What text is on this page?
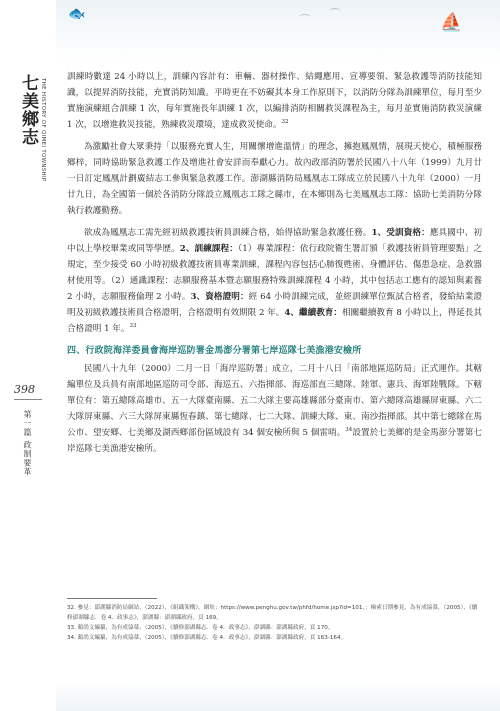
🐟	⁀ ⁀	⛵
七美鄉志 THE HISTORY OF QIMEI TOWNSHIP
398
第一篇 政制要革

訓練時數達 24 小時以上，訓練內容計有：車輛、器材操作、結繩應用、宣導要領、緊急救護等消防技能知識，以提昇消防技能，充實消防知識。平時更在不妨礙其本身工作原則下，以消防分隊為訓練單位，每月至少實施演練組合訓練 1 次，每年實施長年訓練 1 次，以編排消防相關救災課程為主，每月並實施消防救災演練 1 次，以增進救災技能，熟練救災環境，達成救災使命。$^{32}$

為激勵社會大眾秉持「以服務充實人生，用關懷增進溫情」的理念，擁抱鳳凰情，展現天使心，積極服務鄉梓，同時協助緊急救護工作及增進社會安詳而奉獻心力。故內政部消防署於民國八十八年（1999）九月廿一日訂定鳳凰計劃廣結志工參與緊急救護工作。澎湖縣消防局鳳凰志工隊成立於民國八十九年（2000）一月廿九日，為全國第一個於各消防分隊設立鳳凰志工隊之縣市，在本鄉則為七美鳳凰志工隊：協助七美消防分隊執行救護勤務。

欲成為鳳凰志工需先經初級救護技術員訓練合格，始得協助緊急救護任務。1、受訓資格：應具國中、初中以上學校畢業或同等學歷。2、訓練課程：（1）專業課程：依行政院衛生署訂頒「救護技術員管理要點」之規定，至少接受 60 小時初級救護技術員專業訓練，課程內容包括心肺復甦術、身體評估、傷患急症、急救器材使用等。（2）通識課程：志願服務基本暨志願服務特殊訓練課程 4 小時，其中包括志工應有的認知與素養 2 小時，志願服務倫理 2 小時。3、資格證明：經 64 小時訓練完成，並經訓練單位甄試合格者，發給結業證明及初級救護技術員合格證明，合格證明有效期限 2 年。4、繼續教育：相關繼續教育 8 小時以上，得延長其合格證明 1 年。$^{33}$

四、行政院海洋委員會海岸巡防署金馬澎分署第七岸巡隊七美漁港安檢所

民國八十九年（2000）二月一日「海岸巡防署」成立，二月十八日「南部地區巡防局」正式運作。其轄編單位及兵員有南部地區巡防司令部、海巡五、六指揮部、海巡部直三總隊、陸軍、憲兵、海軍陸戰隊。下轄單位有：第五總隊高雄市、五一大隊臺南縣、五二大隊主要高雄縣部分臺南市、第六總隊高雄縣屏東縣、六二大隊屏東縣、六三大隊屏東縣恆春鎮、第七總隊、七二大隊、訓練大隊、東、南沙指揮部。其中第七總隊在馬公市、望安鄉、七美鄉及湖西鄉部份區域設有 34 個安檢所與 5 個雷哨。$^{34}$設置於七美鄉的是金馬澎分署第七岸巡隊七美漁港安檢所。

32. 參見：澎湖縣消防局網站，（2022），《組織架構》，網址：https://www.penghu.gov.tw/phfd/home.jsp?id=101，：檢索日期參見，為有成協慕，（2005），《續修澎湖縣志．卷 4．政事志》，澎湖縣：澎湖縣政府，頁 169。

33. 顏尚文編纂，為有成協慕，（2005），《續修澎湖縣志．卷 4．政事志》，澎湖縣：澎湖縣政府，頁 170。

34. 顏尚文編纂，為有成協慕，（2005），《續修澎湖縣志．卷 4．政事志》，澎湖縣：澎湖縣政府，頁 163-164。
